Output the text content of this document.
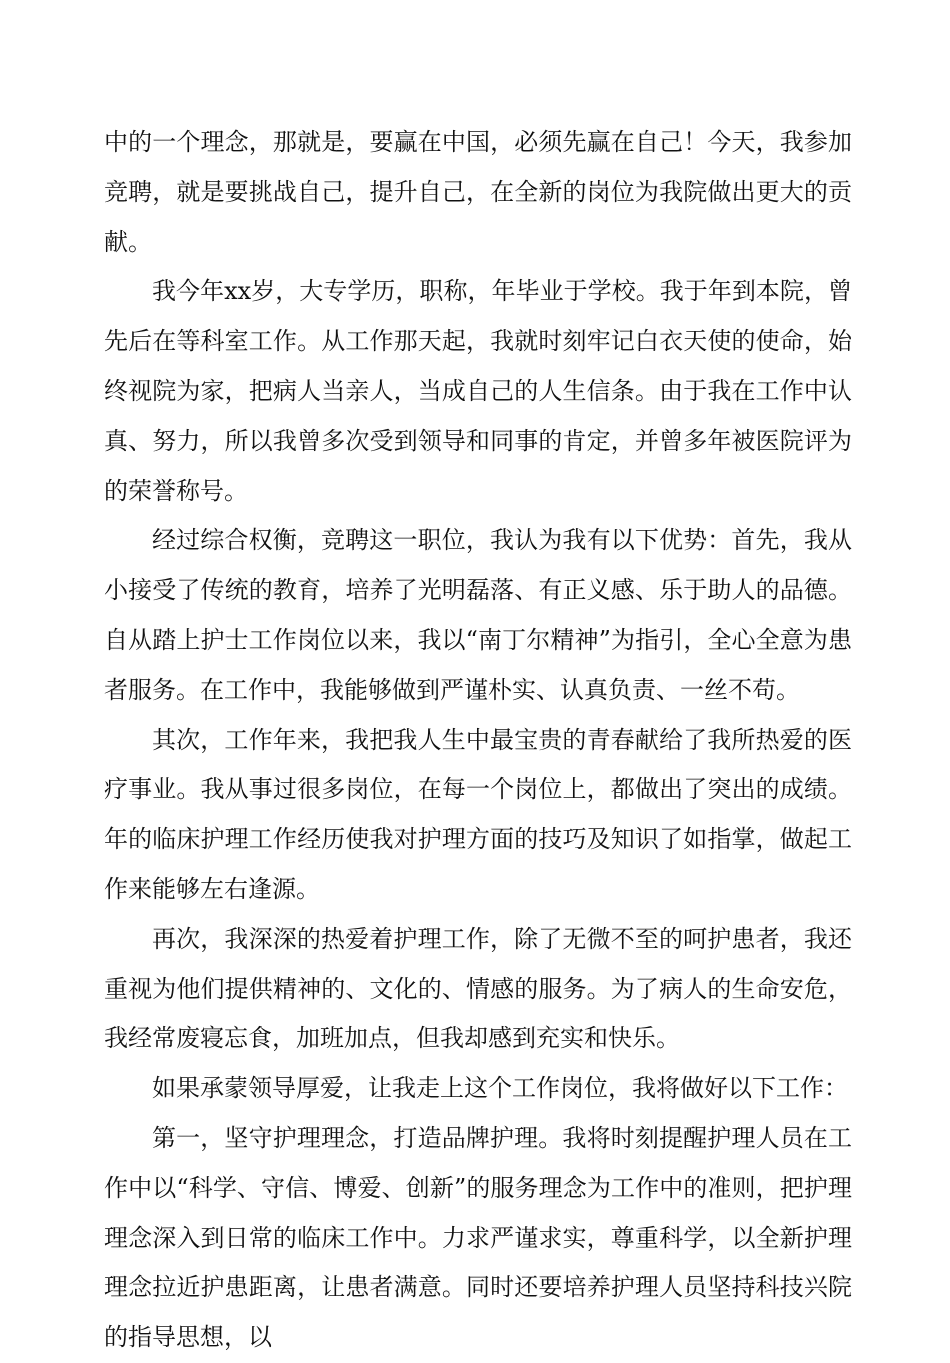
中的一个理念，那就是，要赢在中国，必须先赢在自己！今天，我参加竞聘，就是要挑战自己，提升自己，在全新的岗位为我院做出更大的贡献。

我今年xx岁，大专学历，职称，年毕业于学校。我于年到本院，曾先后在等科室工作。从工作那天起，我就时刻牢记白衣天使的使命，始终视院为家，把病人当亲人，当成自己的人生信条。由于我在工作中认真、努力，所以我曾多次受到领导和同事的肯定，并曾多年被医院评为的荣誉称号。

经过综合权衡，竞聘这一职位，我认为我有以下优势：首先，我从小接受了传统的教育，培养了光明磊落、有正义感、乐于助人的品德。自从踏上护士工作岗位以来，我以“南丁尔精神”为指引，全心全意为患者服务。在工作中，我能够做到严谨朴实、认真负责、一丝不苟。

其次，工作年来，我把我人生中最宝贵的青春献给了我所热爱的医疗事业。我从事过很多岗位，在每一个岗位上，都做出了突出的成绩。年的临床护理工作经历使我对护理方面的技巧及知识了如指掌，做起工作来能够左右逢源。

再次，我深深的热爱着护理工作，除了无微不至的呵护患者，我还重视为他们提供精神的、文化的、情感的服务。为了病人的生命安危，我经常废寝忘食，加班加点，但我却感到充实和快乐。

如果承蒙领导厚爱，让我走上这个工作岗位，我将做好以下工作：

第一，坚守护理理念，打造品牌护理。我将时刻提醒护理人员在工作中以“科学、守信、博爱、创新”的服务理念为工作中的准则，把护理理念深入到日常的临床工作中。力求严谨求实，尊重科学，以全新护理理念拉近护患距离，让患者满意。同时还要培养护理人员坚持科技兴院的指导思想，以
